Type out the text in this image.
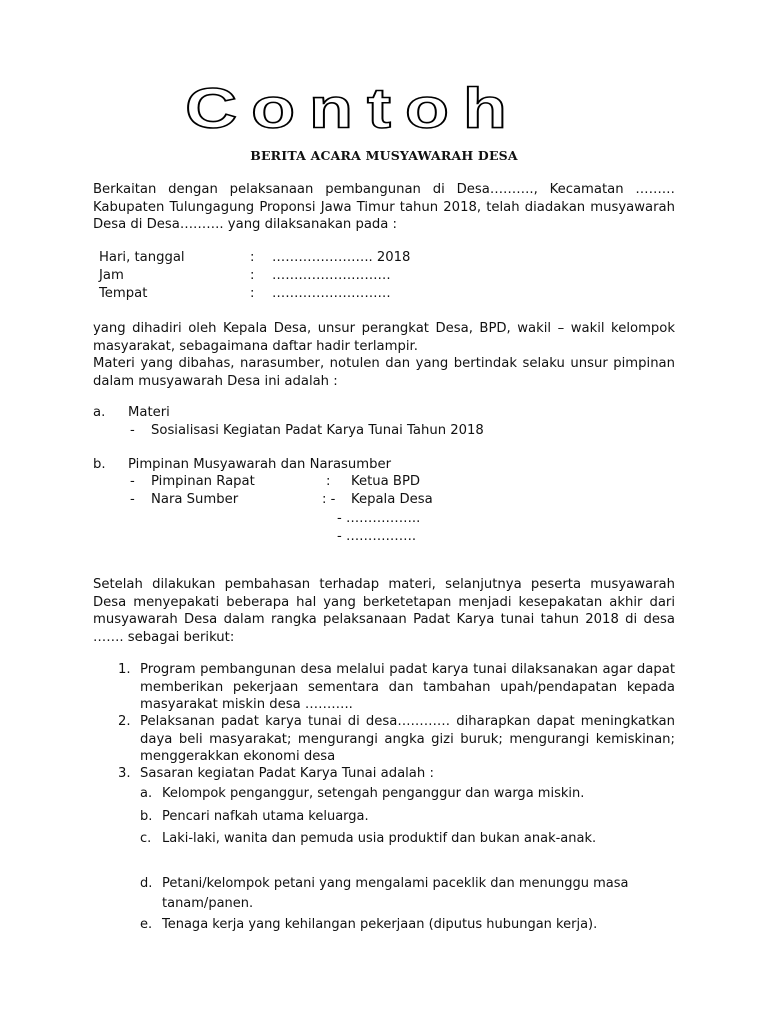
Contoh
BERITA ACARA MUSYAWARAH DESA
Berkaitan dengan pelaksanaan pembangunan di Desa………., Kecamatan ………Kabupaten Tulungagung Proponsi Jawa Timur tahun 2018, telah diadakan musyawarah Desa di Desa………. yang dilaksanakan pada :
Hari, tanggal	: ………………….. 2018
Jam	: ………………………
Tempat	: ………………………
yang dihadiri oleh Kepala Desa, unsur perangkat Desa, BPD, wakil – wakil kelompok masyarakat, sebagaimana daftar hadir terlampir.
Materi yang dibahas, narasumber, notulen dan yang bertindak selaku unsur pimpinan dalam musyawarah Desa ini adalah :
a. Materi
- Sosialisasi Kegiatan Padat Karya Tunai Tahun 2018
b. Pimpinan Musyawarah dan Narasumber
- Pimpinan Rapat	: Ketua BPD
- Nara Sumber	: - Kepala Desa
- ……………..
- …………….
Setelah dilakukan pembahasan terhadap materi, selanjutnya peserta musyawarah Desa menyepakati beberapa hal yang berketetapan menjadi kesepakatan akhir dari musyawarah Desa dalam rangka pelaksanaan Padat Karya tunai tahun 2018 di desa ……. sebagai berikut:
1. Program pembangunan desa melalui padat karya tunai dilaksanakan agar dapat memberikan pekerjaan sementara dan tambahan upah/pendapatan kepada masyarakat miskin desa ………..
2. Pelaksanan padat karya tunai di desa………… diharapkan dapat meningkatkan daya beli masyarakat; mengurangi angka gizi buruk; mengurangi kemiskinan; menggerakkan ekonomi desa
3. Sasaran kegiatan Padat Karya Tunai adalah :
a. Kelompok penganggur, setengah penganggur dan warga miskin.
b. Pencari nafkah utama keluarga.
c. Laki-laki, wanita dan pemuda usia produktif dan bukan anak-anak.
d. Petani/kelompok petani yang mengalami paceklik dan menunggu masa tanam/panen.
e. Tenaga kerja yang kehilangan pekerjaan (diputus hubungan kerja).
